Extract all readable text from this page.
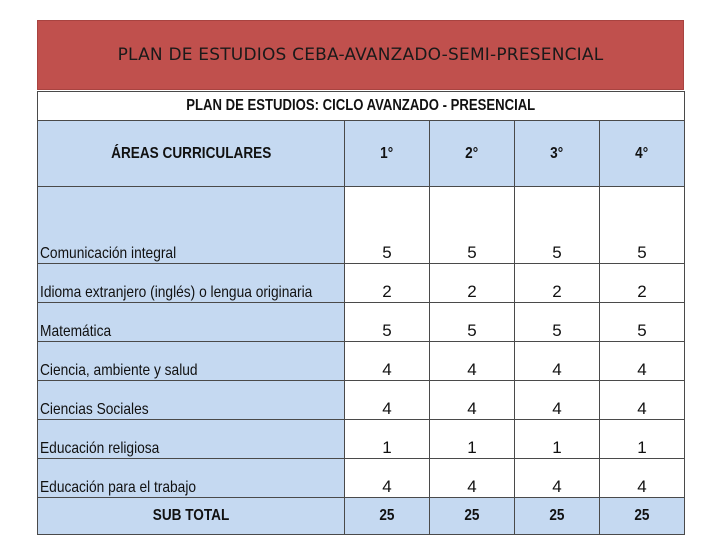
PLAN DE ESTUDIOS CEBA-AVANZADO-SEMI-PRESENCIAL
PLAN DE ESTUDIOS: CICLO AVANZADO - PRESENCIAL				
ÁREAS CURRICULARES	1°	2°	3°	4°
Comunicación integral	5	5	5	5
Idioma extranjero (inglés) o lengua originaria	2	2	2	2
Matemática	5	5	5	5
Ciencia, ambiente y salud	4	4	4	4
Ciencias Sociales	4	4	4	4
Educación religiosa	1	1	1	1
Educación para el trabajo	4	4	4	4
SUB TOTAL	25	25	25	25
